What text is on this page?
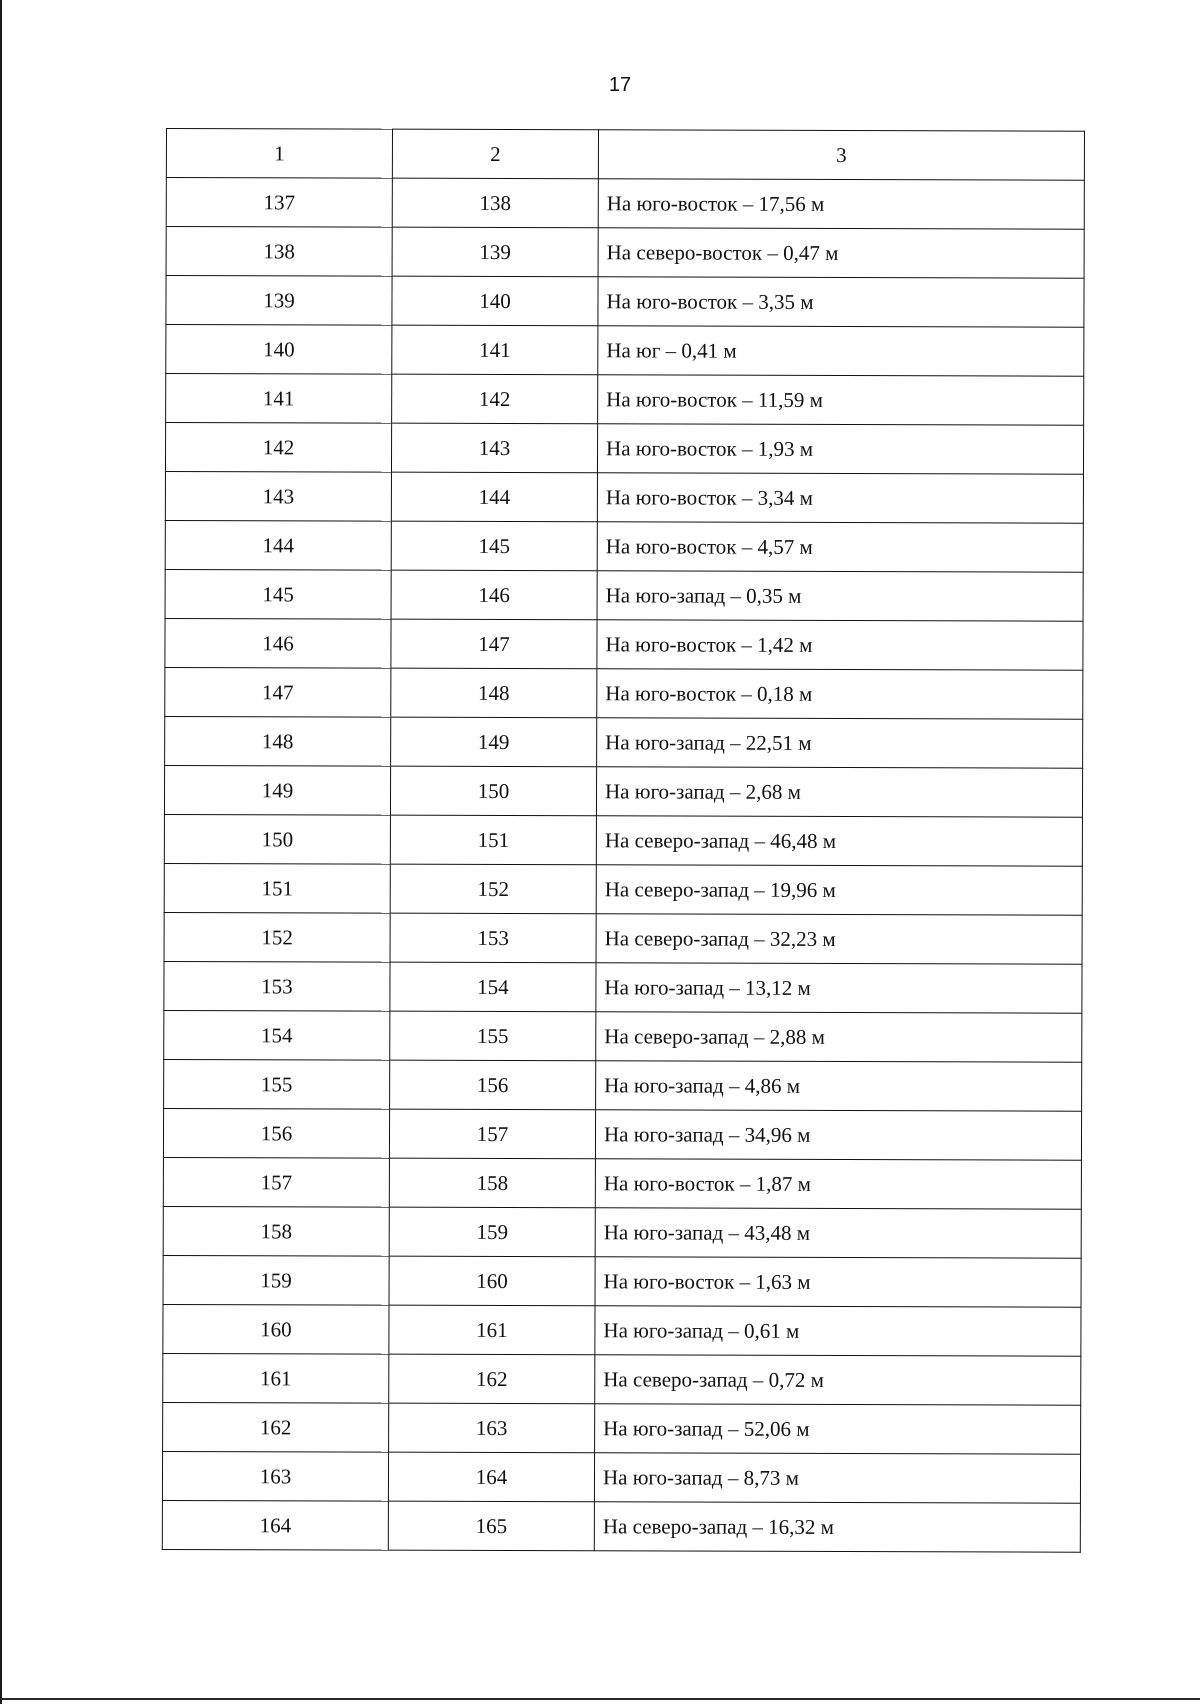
17
1	2	3
137	138	На юго-восток – 17,56 м
138	139	На северо-восток – 0,47 м
139	140	На юго-восток – 3,35 м
140	141	На юг – 0,41 м
141	142	На юго-восток – 11,59 м
142	143	На юго-восток – 1,93 м
143	144	На юго-восток – 3,34 м
144	145	На юго-восток – 4,57 м
145	146	На юго-запад – 0,35 м
146	147	На юго-восток – 1,42 м
147	148	На юго-восток – 0,18 м
148	149	На юго-запад – 22,51 м
149	150	На юго-запад – 2,68 м
150	151	На северо-запад – 46,48 м
151	152	На северо-запад – 19,96 м
152	153	На северо-запад – 32,23 м
153	154	На юго-запад – 13,12 м
154	155	На северо-запад – 2,88 м
155	156	На юго-запад – 4,86 м
156	157	На юго-запад – 34,96 м
157	158	На юго-восток – 1,87 м
158	159	На юго-запад – 43,48 м
159	160	На юго-восток – 1,63 м
160	161	На юго-запад – 0,61 м
161	162	На северо-запад – 0,72 м
162	163	На юго-запад – 52,06 м
163	164	На юго-запад – 8,73 м
164	165	На северо-запад – 16,32 м
